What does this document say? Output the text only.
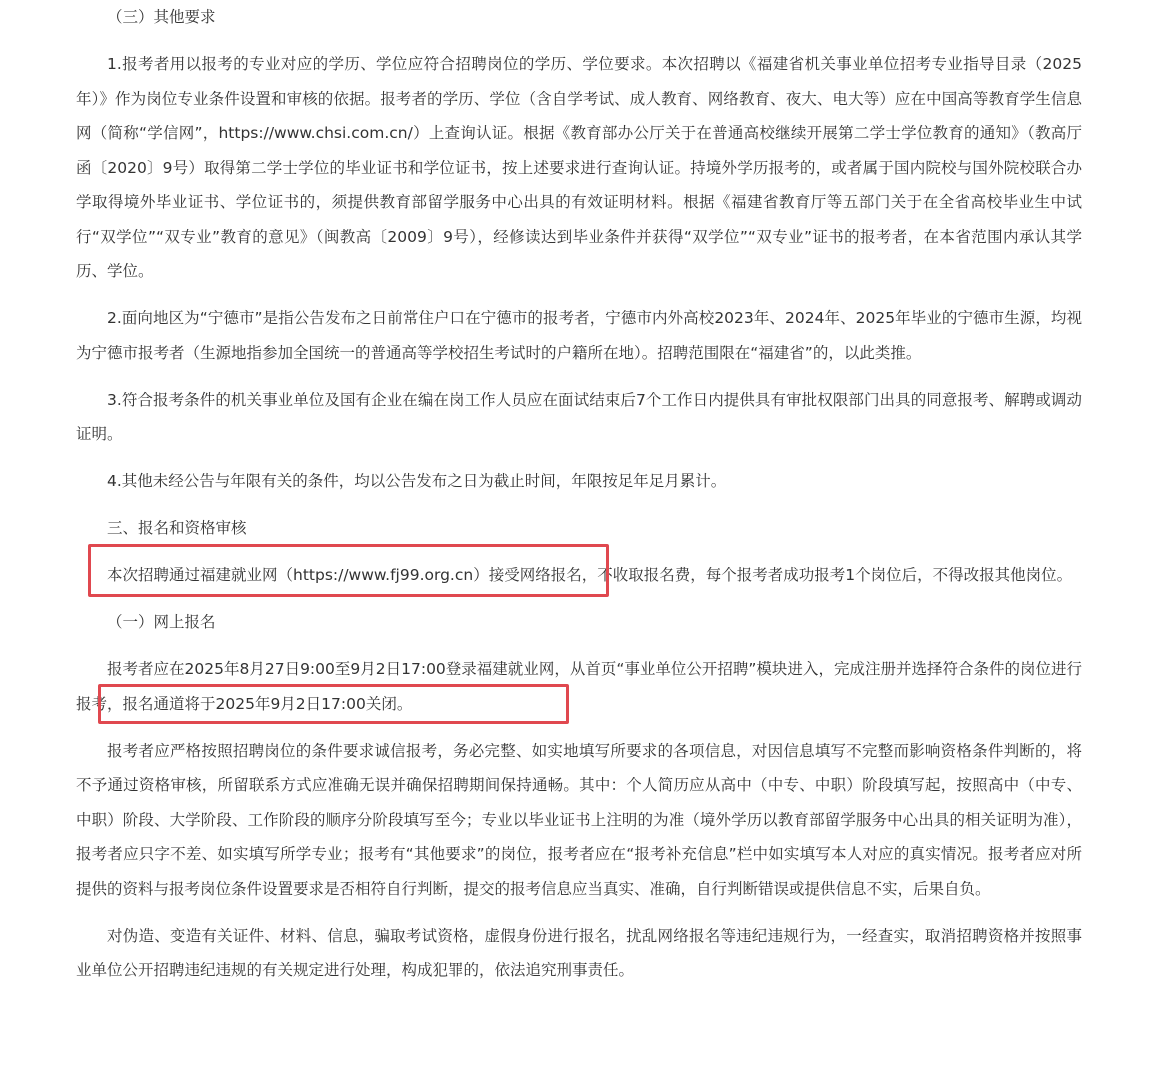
（三）其他要求

1.报考者用以报考的专业对应的学历、学位应符合招聘岗位的学历、学位要求。本次招聘以《福建省机关事业单位招考专业指导目录（2025年）》作为岗位专业条件设置和审核的依据。报考者的学历、学位（含自学考试、成人教育、网络教育、夜大、电大等）应在中国高等教育学生信息网（简称“学信网”，https://www.chsi.com.cn/）上查询认证。根据《教育部办公厅关于在普通高校继续开展第二学士学位教育的通知》（教高厅函〔2020〕9号）取得第二学士学位的毕业证书和学位证书，按上述要求进行查询认证。持境外学历报考的，或者属于国内院校与国外院校联合办学取得境外毕业证书、学位证书的，须提供教育部留学服务中心出具的有效证明材料。根据《福建省教育厅等五部门关于在全省高校毕业生中试行“双学位”“双专业”教育的意见》（闽教高〔2009〕9号），经修读达到毕业条件并获得“双学位”“双专业”证书的报考者，在本省范围内承认其学历、学位。

2.面向地区为“宁德市”是指公告发布之日前常住户口在宁德市的报考者，宁德市内外高校2023年、2024年、2025年毕业的宁德市生源，均视为宁德市报考者（生源地指参加全国统一的普通高等学校招生考试时的户籍所在地）。招聘范围限在“福建省”的，以此类推。

3.符合报考条件的机关事业单位及国有企业在编在岗工作人员应在面试结束后7个工作日内提供具有审批权限部门出具的同意报考、解聘或调动证明。

4.其他未经公告与年限有关的条件，均以公告发布之日为截止时间，年限按足年足月累计。

三、报名和资格审核

本次招聘通过福建就业网（https://www.fj99.org.cn）接受网络报名，不收取报名费，每个报考者成功报考1个岗位后，不得改报其他岗位。

（一）网上报名

报考者应在2025年8月27日9:00至9月2日17:00登录福建就业网，从首页“事业单位公开招聘”模块进入，完成注册并选择符合条件的岗位进行报考，报名通道将于2025年9月2日17:00关闭。

报考者应严格按照招聘岗位的条件要求诚信报考，务必完整、如实地填写所要求的各项信息，对因信息填写不完整而影响资格条件判断的，将不予通过资格审核，所留联系方式应准确无误并确保招聘期间保持通畅。其中：个人简历应从高中（中专、中职）阶段填写起，按照高中（中专、中职）阶段、大学阶段、工作阶段的顺序分阶段填写至今；专业以毕业证书上注明的为准（境外学历以教育部留学服务中心出具的相关证明为准），报考者应只字不差、如实填写所学专业；报考有“其他要求”的岗位，报考者应在“报考补充信息”栏中如实填写本人对应的真实情况。报考者应对所提供的资料与报考岗位条件设置要求是否相符自行判断，提交的报考信息应当真实、准确，自行判断错误或提供信息不实，后果自负。

对伪造、变造有关证件、材料、信息，骗取考试资格，虚假身份进行报名，扰乱网络报名等违纪违规行为，一经查实，取消招聘资格并按照事业单位公开招聘违纪违规的有关规定进行处理，构成犯罪的，依法追究刑事责任。
